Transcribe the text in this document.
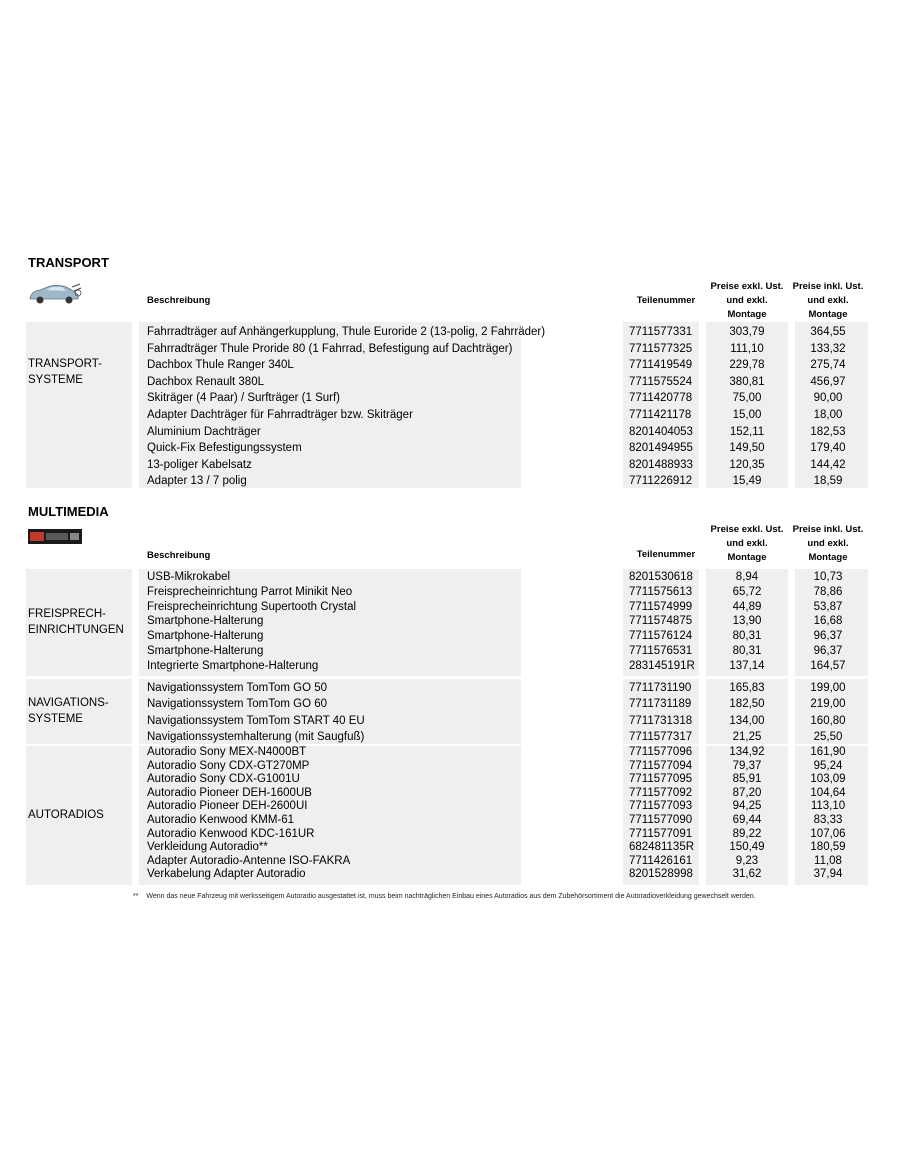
TRANSPORT
Beschreibung	Teilenummer
Preise exkl. Ust.
und exkl.
Montage
Preise inkl. Ust.
und exkl.
Montage
TRANSPORT-
SYSTEME
Fahrradträger auf Anhängerkupplung, Thule Euroride 2 (13-polig, 2 Fahrräder)	7711577331	303,79	364,55
Fahrradträger Thule Proride 80 (1 Fahrrad, Befestigung auf Dachträger)	7711577325	111,10	133,32
Dachbox Thule Ranger 340L	7711419549	229,78	275,74
Dachbox Renault 380L	7711575524	380,81	456,97
Skiträger (4 Paar) / Surfträger (1 Surf)	7711420778	75,00	90,00
Adapter Dachträger für Fahrradträger bzw. Skiträger	7711421178	15,00	18,00
Aluminium Dachträger	8201404053	152,11	182,53
Quick-Fix Befestigungssystem	8201494955	149,50	179,40
13-poliger Kabelsatz	8201488933	120,35	144,42
Adapter 13 / 7 polig	7711226912	15,49	18,59
MULTIMEDIA
Beschreibung	Teilenummer
Preise exkl. Ust.
und exkl.
Montage
Preise inkl. Ust.
und exkl.
Montage
FREISPRECH-
EINRICHTUNGEN
USB-Mikrokabel	8201530618	8,94	10,73
Freisprecheinrichtung Parrot Minikit Neo	7711575613	65,72	78,86
Freisprecheinrichtung Supertooth Crystal	7711574999	44,89	53,87
Smartphone-Halterung	7711574875	13,90	16,68
Smartphone-Halterung	7711576124	80,31	96,37
Smartphone-Halterung	7711576531	80,31	96,37
Integrierte Smartphone-Halterung	283145191R	137,14	164,57
NAVIGATIONS-
SYSTEME
Navigationssystem TomTom GO 50	7711731190	165,83	199,00
Navigationssystem TomTom GO 60	7711731189	182,50	219,00
Navigationssystem TomTom START 40 EU	7711731318	134,00	160,80
Navigationssystemhalterung (mit Saugfuß)	7711577317	21,25	25,50
AUTORADIOS
Autoradio Sony MEX-N4000BT	7711577096	134,92	161,90
Autoradio Sony CDX-GT270MP	7711577094	79,37	95,24
Autoradio Sony CDX-G1001U	7711577095	85,91	103,09
Autoradio Pioneer DEH-1600UB	7711577092	87,20	104,64
Autoradio Pioneer DEH-2600UI	7711577093	94,25	113,10
Autoradio Kenwood KMM-61	7711577090	69,44	83,33
Autoradio Kenwood KDC-161UR	7711577091	89,22	107,06
Verkleidung Autoradio**	682481135R	150,49	180,59
Adapter Autoradio-Antenne ISO-FAKRA	7711426161	9,23	11,08
Verkabelung Adapter Autoradio	8201528998	31,62	37,94
** Wenn das neue Fahrzeug mit werksseitigem Autoradio ausgestattet ist, muss beim nachträglichen Einbau eines Autoradios aus dem Zubehörsortiment die Autoradioverkleidung gewechselt werden.
